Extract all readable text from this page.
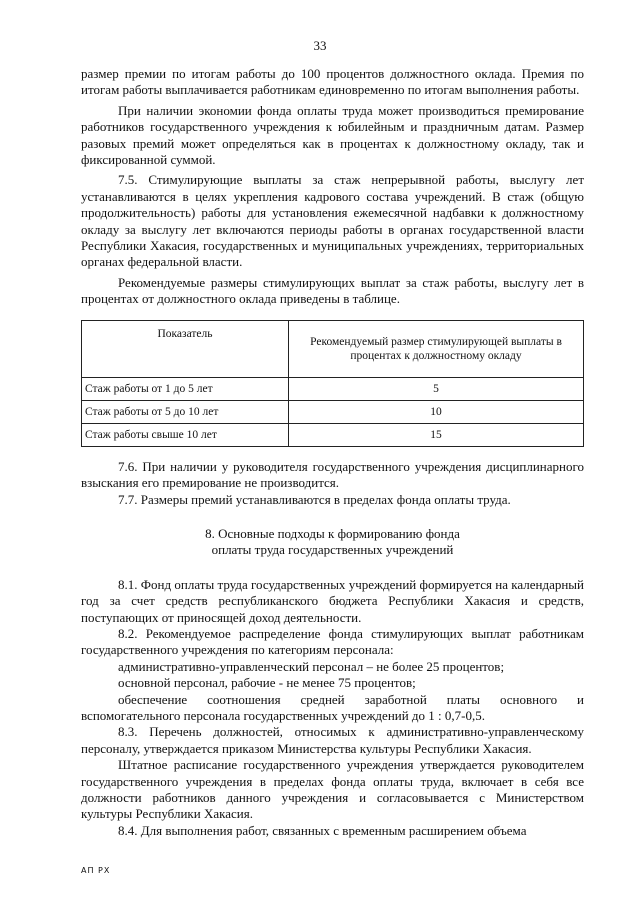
33

размер премии по итогам работы до 100 процентов должностного оклада. Премия по итогам работы выплачивается работникам единовременно по итогам выполнения работы.

При наличии экономии фонда оплаты труда может производиться премирование работников государственного учреждения к юбилейным и праздничным датам. Размер разовых премий может определяться как в процентах к должностному окладу, так и фиксированной суммой.

7.5. Стимулирующие выплаты за стаж непрерывной работы, выслугу лет устанавливаются в целях укрепления кадрового состава учреждений. В стаж (общую продолжительность) работы для установления ежемесячной надбавки к должностному окладу за выслугу лет включаются периоды работы в органах государственной власти Республики Хакасия, государственных и муниципальных учреждениях, территориальных органах федеральной власти.

Рекомендуемые размеры стимулирующих выплат за стаж работы, выслугу лет в процентах от должностного оклада приведены в таблице.

Показатель	Рекомендуемый размер стимулирующей выплаты в процентах к должностному окладу
Стаж работы от 1 до 5 лет	5
Стаж работы от 5 до 10 лет	10
Стаж работы свыше 10 лет	15

7.6. При наличии у руководителя государственного учреждения дисциплинарного взыскания его премирование не производится.

7.7. Размеры премий устанавливаются в пределах фонда оплаты труда.

8. Основные подходы к формированию фонда
оплаты труда государственных учреждений

8.1. Фонд оплаты труда государственных учреждений формируется на календарный год за счет средств республиканского бюджета Республики Хакасия и средств, поступающих от приносящей доход деятельности.

8.2. Рекомендуемое распределение фонда стимулирующих выплат работникам государственного учреждения по категориям персонала:

административно-управленческий персонал – не более 25 процентов;

основной персонал, рабочие - не менее 75 процентов;

обеспечение соотношения средней заработной платы основного и вспомогательного персонала государственных учреждений до 1 : 0,7-0,5.

8.3. Перечень должностей, относимых к административно-управленческому персоналу, утверждается приказом Министерства культуры Республики Хакасия.

Штатное расписание государственного учреждения утверждается руководителем государственного учреждения в пределах фонда оплаты труда, включает в себя все должности работников данного учреждения и согласовывается с Министерством культуры Республики Хакасия.

8.4. Для выполнения работ, связанных с временным расширением объема

АП РХ
